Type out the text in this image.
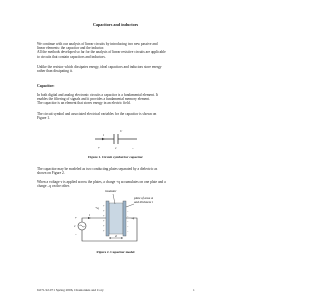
Capacitors and inductors
We continue with our analysis of linear circuits by introducing two new passive and
linear elements: the capacitor and the inductor.
All the methods developed so far for the analysis of linear resistive circuits are applicable
to circuits that contain capacitors and inductors.
Unlike the resistor which dissipates energy, ideal capacitors and inductors store energy
rather than dissipating it.
Capacitor:
In both digital and analog electronic circuits a capacitor is a fundamental element. It
enables the filtering of signals and it provides a fundamental memory element.
The capacitor is an element that stores energy in an electric field.
The circuit symbol and associated electrical variables for the capacitor is shown on
Figure 1.
i
C
+	v	–
Figure 1. Circuit symbol for capacitor
The capacitor may be modeled as two conducting plates separated by a dielectric as
shown on Figure 2.
When a voltage v is applied across the plates, a charge +q accumulates on one plate and a
charge –q on the other.
+
+
+
+
+
+
–
–
–
–
–
insulator
plate of area A
and thickness t
+q
–q
d
i
+
v
–
Figure 2. Capacitor model
6.071/22.071 Spring 2006, Chaniotakis and Cory	1
